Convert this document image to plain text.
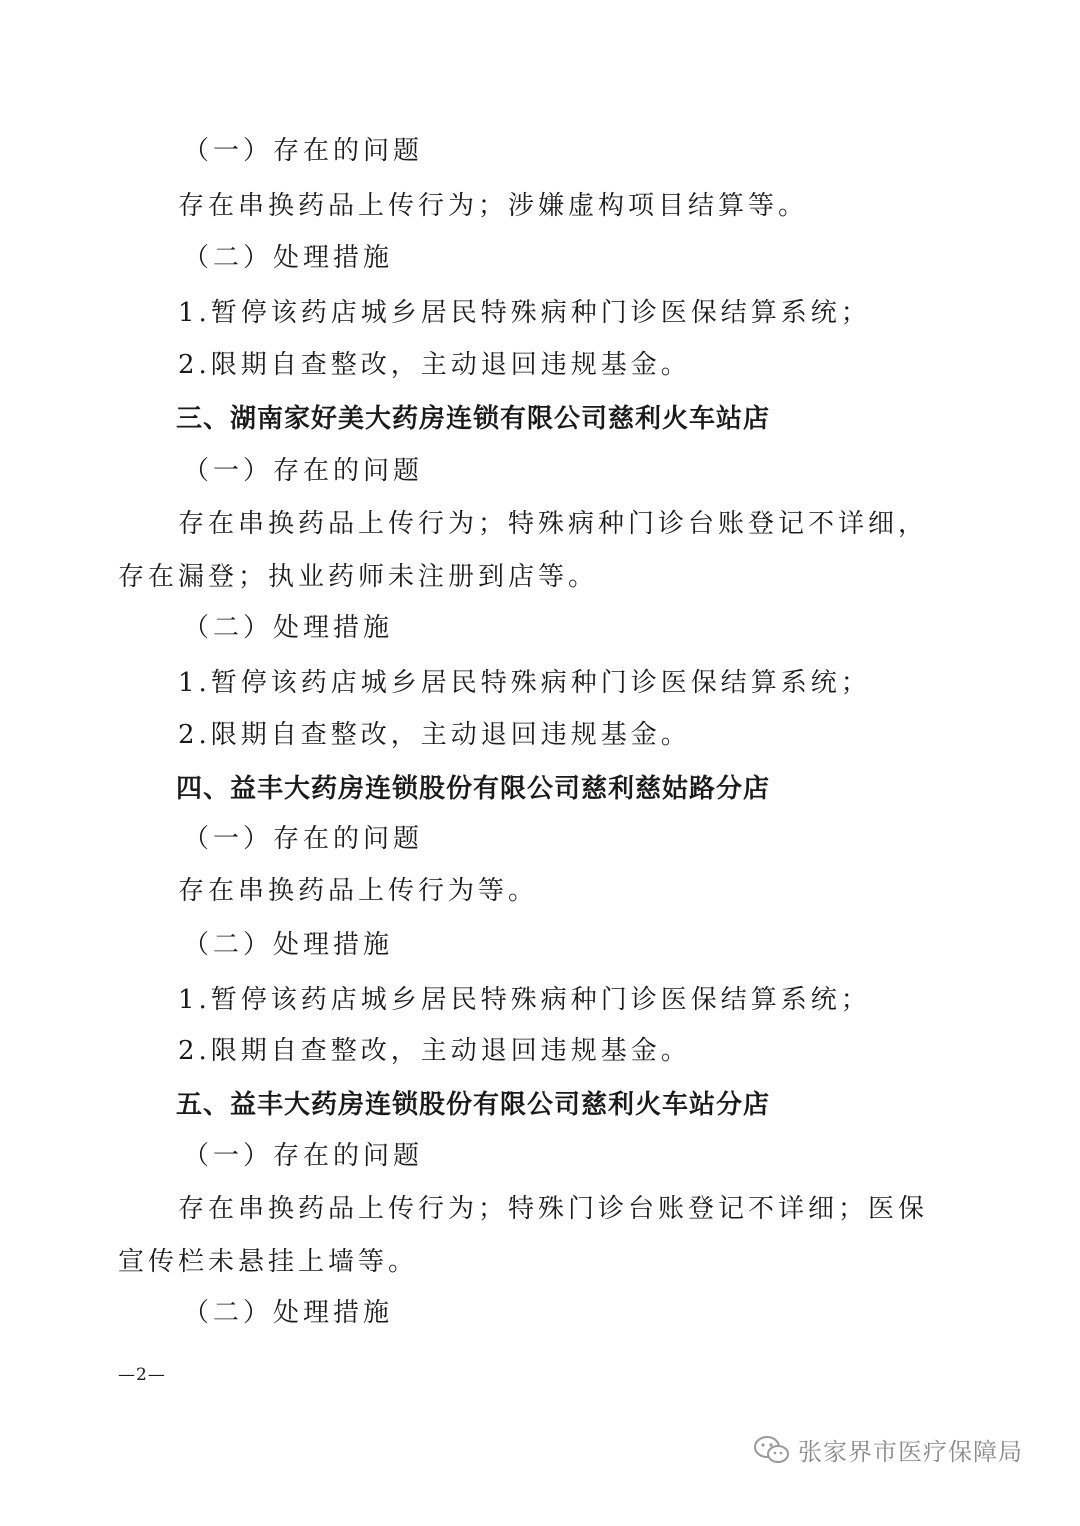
（一）存在的问题
存在串换药品上传行为；涉嫌虚构项目结算等。
（二）处理措施
1.暂停该药店城乡居民特殊病种门诊医保结算系统；
2.限期自查整改，主动退回违规基金。
三、湖南家好美大药房连锁有限公司慈利火车站店
（一）存在的问题
存在串换药品上传行为；特殊病种门诊台账登记不详细，
存在漏登；执业药师未注册到店等。
（二）处理措施
1.暂停该药店城乡居民特殊病种门诊医保结算系统；
2.限期自查整改，主动退回违规基金。
四、益丰大药房连锁股份有限公司慈利慈姑路分店
（一）存在的问题
存在串换药品上传行为等。
（二）处理措施
1.暂停该药店城乡居民特殊病种门诊医保结算系统；
2.限期自查整改，主动退回违规基金。
五、益丰大药房连锁股份有限公司慈利火车站分店
（一）存在的问题
存在串换药品上传行为；特殊门诊台账登记不详细；医保
宣传栏未悬挂上墙等。
（二）处理措施
—2—
张家界市医疗保障局
